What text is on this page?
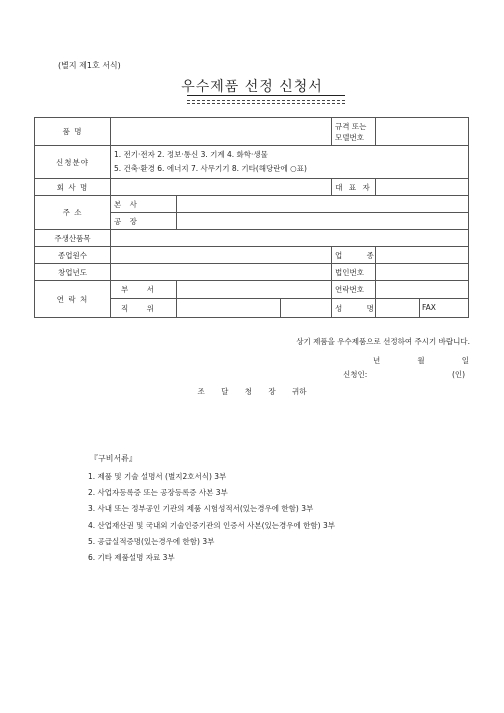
(별지 제1호 서식)
우수제품 선정 신청서
품 명				규격 또는 모델번호	
신청분야	1. 전기·전자 2. 정보·통신 3. 기계 4. 화학·생물
5. 건축·환경 6. 에너지 7. 사무기기 8. 기타(해당란에 ○표)				

회 사 명				대 표 자	
주 소	본 사				
	공 장				
주생산품목					
종업원수				업 종	
창업년도				법인번호	
연 락 처	부 서			연락번호	
	직 위			성 명	FAX
상기 제품을 우수제품으로 선정하여 주시기 바랍니다.
년	월	일
신청인:	(인)
조 달 청 장 귀하
『구비서류』
1. 제품 및 기술 설명서 (별지2호서식) 3부
2. 사업자등록증 또는 공장등록증 사본 3부
3. 사내 또는 정부공인 기관의 제품 시험성적서(있는경우에 한함) 3부
4. 산업재산권 및 국내외 기술인증기관의 인증서 사본(있는경우에 한함) 3부
5. 공급실적증명(있는경우에 한함) 3부
6. 기타 제품설명 자료 3부
